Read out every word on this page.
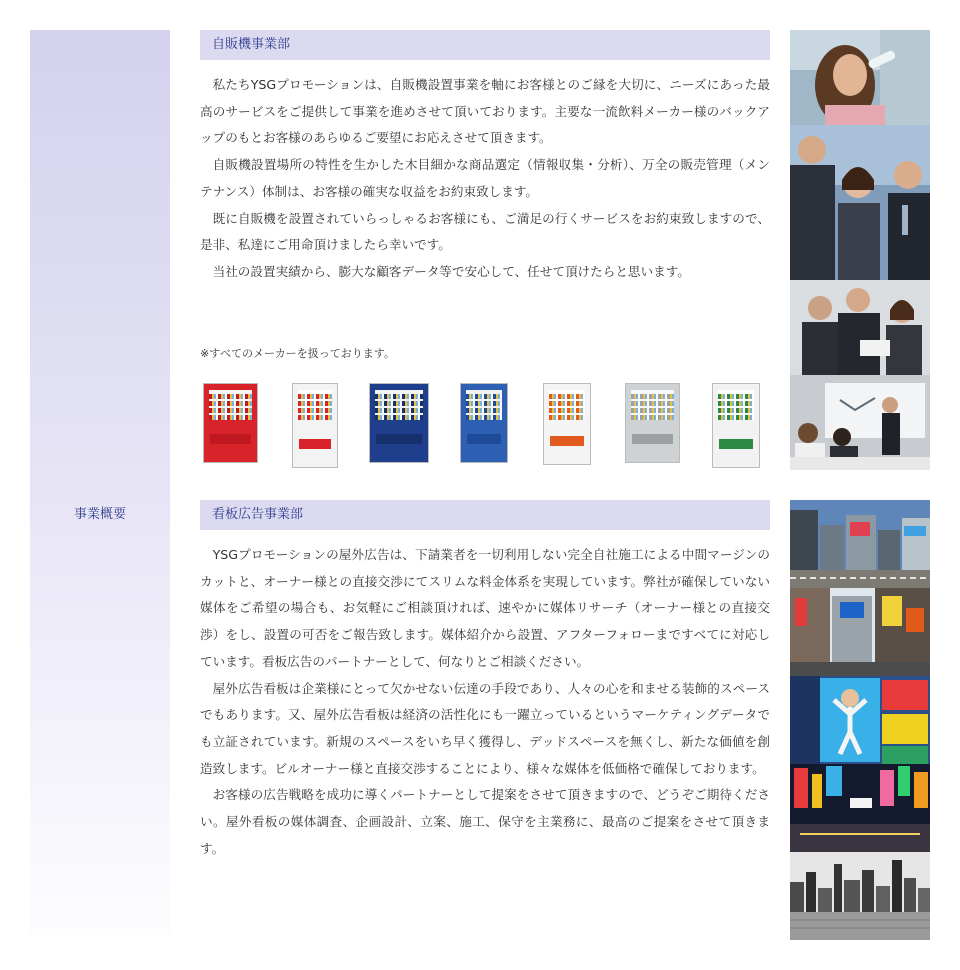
事業概要
自販機事業部

私たちYSGプロモーションは、自販機設置事業を軸にお客様とのご縁を大切に、ニーズにあった最高のサービスをご提供して事業を進めさせて頂いております。主要な一流飲料メーカー様のバックアップのもとお客様のあらゆるご要望にお応えさせて頂きます。

自販機設置場所の特性を生かした木目細かな商品選定（情報収集・分析）、万全の販売管理（メンテナンス）体制は、お客様の確実な収益をお約束致します。

既に自販機を設置されていらっしゃるお客様にも、ご満足の行くサービスをお約束致しますので、是非、私達にご用命頂けましたら幸いです。

当社の設置実績から、膨大な顧客データ等で安心して、任せて頂けたらと思います。

※すべてのメーカーを扱っております。
看板広告事業部

YSGプロモーションの屋外広告は、下請業者を一切利用しない完全自社施工による中間マージンのカットと、オーナー様との直接交渉にてスリムな料金体系を実現しています。弊社が確保していない媒体をご希望の場合も、お気軽にご相談頂ければ、速やかに媒体リサーチ（オーナー様との直接交渉）をし、設置の可否をご報告致します。媒体紹介から設置、アフターフォローまですべてに対応しています。看板広告のパートナーとして、何なりとご相談ください。

屋外広告看板は企業様にとって欠かせない伝達の手段であり、人々の心を和ませる装飾的スペースでもあります。又、屋外広告看板は経済の活性化にも一躍立っているというマーケティングデータでも立証されています。新規のスペースをいち早く獲得し、デッドスペースを無くし、新たな価値を創造致します。ビルオーナー様と直接交渉することにより、様々な媒体を低価格で確保しております。

お客様の広告戦略を成功に導くパートナーとして提案をさせて頂きますので、どうぞご期待ください。屋外看板の媒体調査、企画設計、立案、施工、保守を主業務に、最高のご提案をさせて頂きます。
